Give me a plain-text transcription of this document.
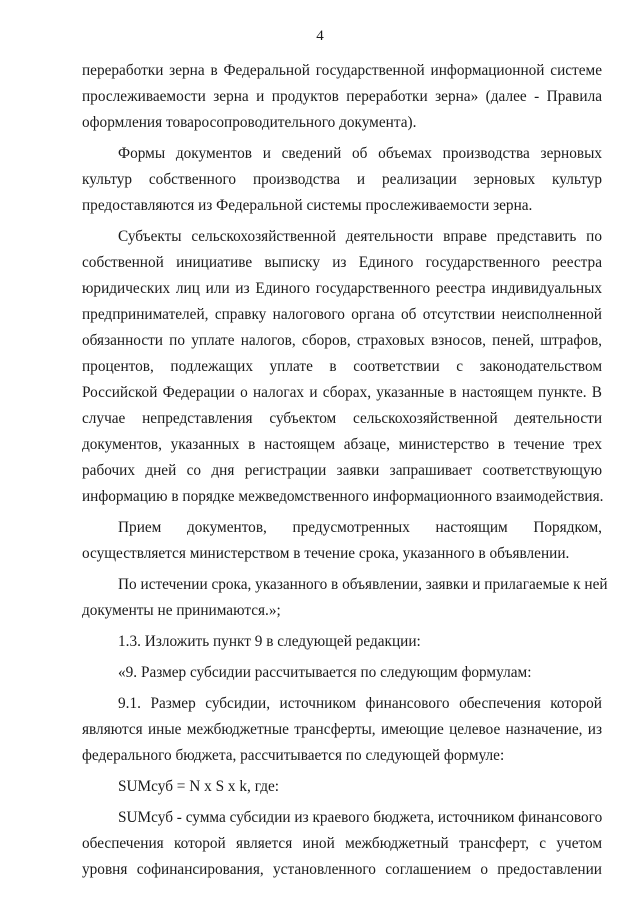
4
переработки зерна в Федеральной государственной информационной системе
прослеживаемости зерна и продуктов переработки зерна» (далее - Правила
оформления товаросопроводительного документа).
Формы документов и сведений об объемах производства зерновых
культур собственного производства и реализации зерновых культур
предоставляются из Федеральной системы прослеживаемости зерна.
Субъекты сельскохозяйственной деятельности вправе представить по
собственной инициативе выписку из Единого государственного реестра
юридических лиц или из Единого государственного реестра индивидуальных
предпринимателей, справку налогового органа об отсутствии неисполненной
обязанности по уплате налогов, сборов, страховых взносов, пеней, штрафов,
процентов, подлежащих уплате в соответствии с законодательством
Российской Федерации о налогах и сборах, указанные в настоящем пункте. В
случае непредставления субъектом сельскохозяйственной деятельности
документов, указанных в настоящем абзаце, министерство в течение трех
рабочих дней со дня регистрации заявки запрашивает соответствующую
информацию в порядке межведомственного информационного взаимодействия.
Прием документов, предусмотренных настоящим Порядком,
осуществляется министерством в течение срока, указанного в объявлении.
По истечении срока, указанного в объявлении, заявки и прилагаемые к ней
документы не принимаются.»;
1.3. Изложить пункт 9 в следующей редакции:
«9. Размер субсидии рассчитывается по следующим формулам:
9.1. Размер субсидии, источником финансового обеспечения которой
являются иные межбюджетные трансферты, имеющие целевое назначение, из
федерального бюджета, рассчитывается по следующей формуле:
SUMсуб = N x S x k, где:
SUMсуб - сумма субсидии из краевого бюджета, источником финансового
обеспечения которой является иной межбюджетный трансферт, с учетом
уровня софинансирования, установленного соглашением о предоставлении
